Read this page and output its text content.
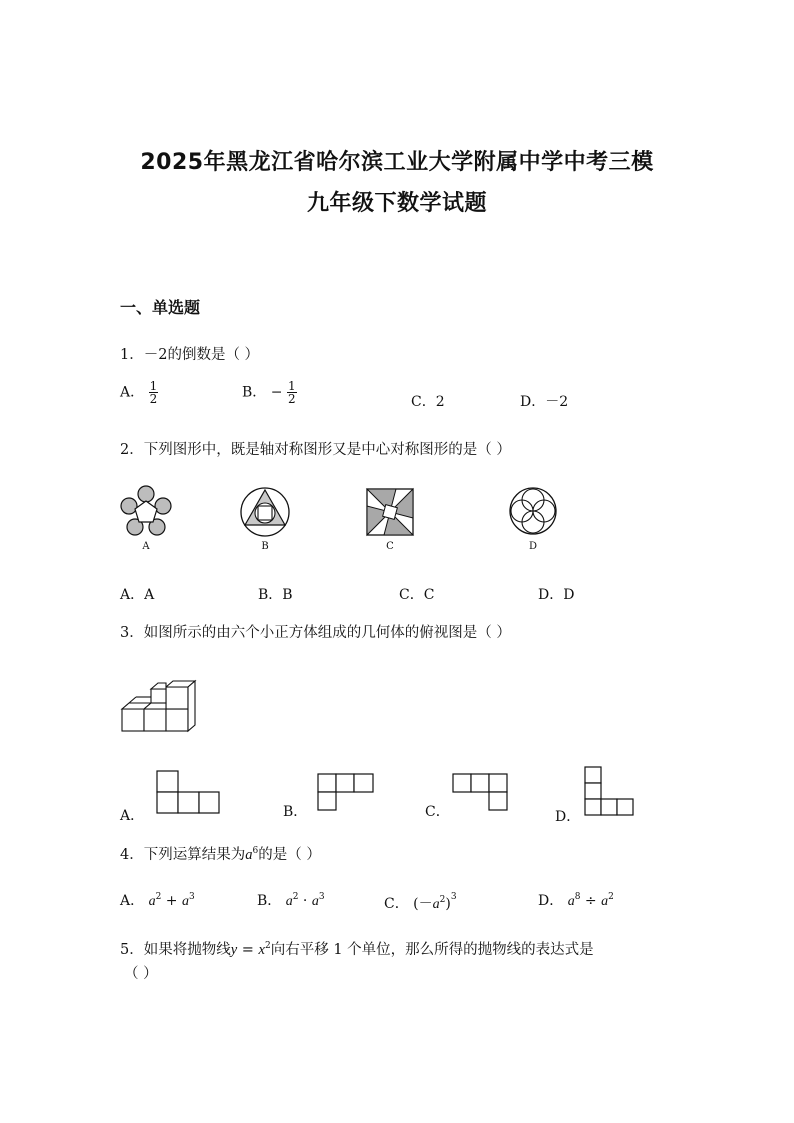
2025年黑龙江省哈尔滨工业大学附属中学中考三模
九年级下数学试题
一、单选题
1．－2的倒数是（ ）
A． $\frac{1}{2}$	B． − $\frac{1}{2}$	C．2	D．－2
2．下列图形中，既是轴对称图形又是中心对称图形的是（ ）
A	B	C	D
A．A	B．B	C．C	D．D
3．如图所示的由六个小正方体组成的几何体的俯视图是（ ）
A．	B．	C．	D．
4．下列运算结果为$a^6$的是（ ）
A． $a^2 + a^3$	B． $a^2 \cdot a^3$	C． $(-a^2)^3$	D． $a^8 \div a^2$
5．如果将抛物线$y = x^2$向右平移 1 个单位，那么所得的抛物线的表达式是
（ ）
